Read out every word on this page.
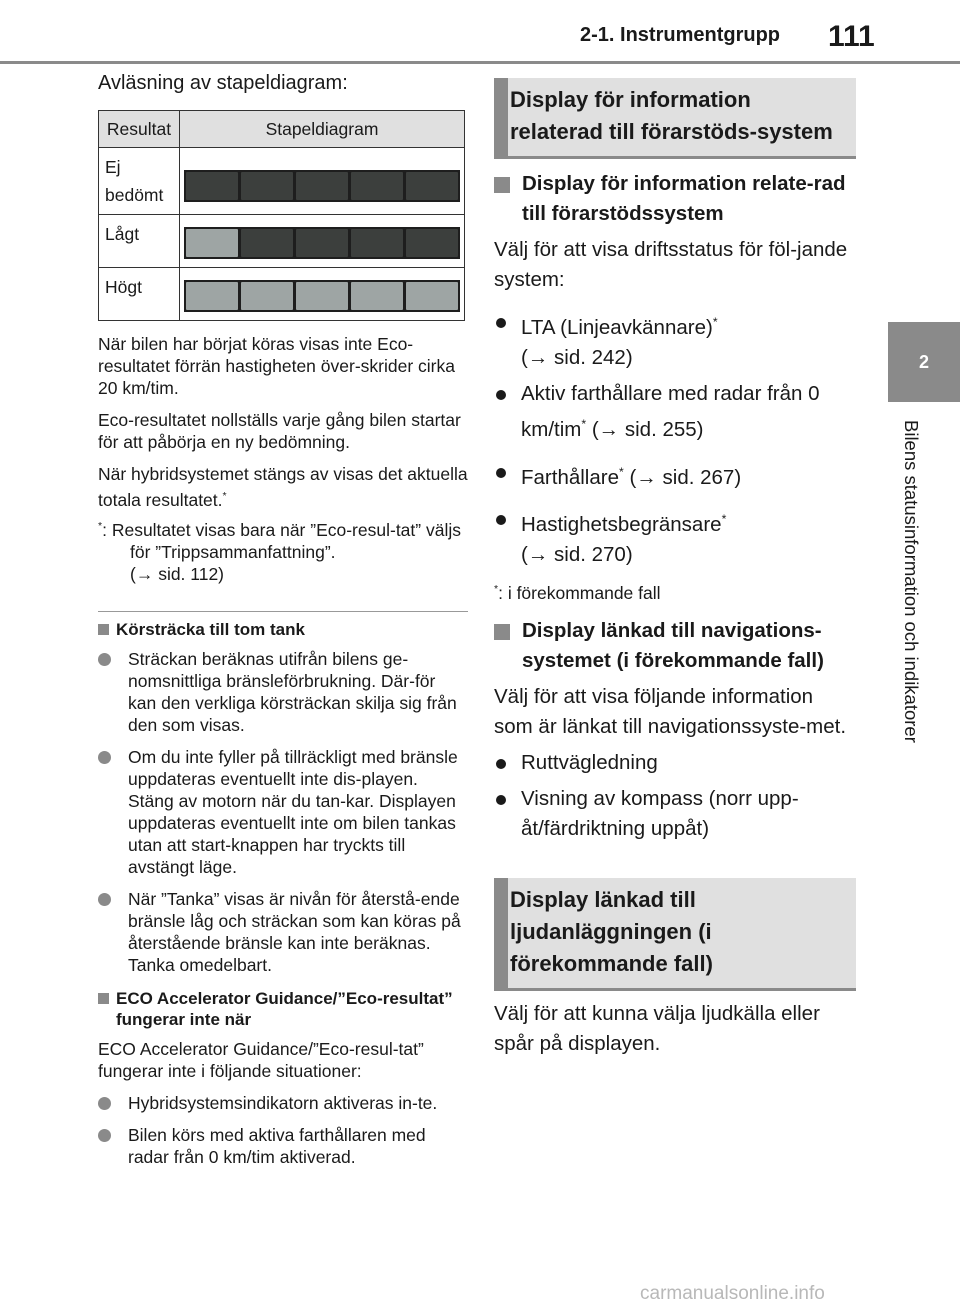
2-1. Instrumentgrupp 111
2
Bilens statusinformation och indikatorer

Avläsning av stapeldiagram:

Resultat	Stapeldiagram
Ej
bedömt	

Lågt	

Högt	

När bilen har börjat köras visas inte Eco-resultatet förrän hastigheten över-skrider cirka 20 km/tim.

Eco-resultatet nollställs varje gång bilen startar för att påbörja en ny bedömning.

När hybridsystemet stängs av visas det aktuella totala resultatet.*

*: Resultatet visas bara när ”Eco-resul-tat” väljs för ”Trippsammanfattning”.
(→ sid. 112)

Körsträcka till tom tank

Sträckan beräknas utifrån bilens ge-nomsnittliga bränsleförbrukning. Där-för kan den verkliga körsträckan skilja sig från den som visas.
Om du inte fyller på tillräckligt med bränsle uppdateras eventuellt inte dis-playen. Stäng av motorn när du tan-kar. Displayen uppdateras eventuellt inte om bilen tankas utan att start-knappen har tryckts till avstängt läge.
När ”Tanka” visas är nivån för återstå-ende bränsle låg och sträckan som kan köras på återstående bränsle kan inte beräknas.
Tanka omedelbart.

ECO Accelerator Guidance/”Eco-resultat” fungerar inte när

ECO Accelerator Guidance/”Eco-resul-tat” fungerar inte i följande situationer:

Hybridsystemsindikatorn aktiveras in-te.
Bilen körs med aktiva farthållaren med radar från 0 km/tim aktiverad.
Display för information relaterad till förarstöds-system
Display för information relate-rad till förarstödssystem

Välj för att visa driftsstatus för föl-jande system:

LTA (Linjeavkännare)*
(→ sid. 242)
Aktiv farthållare med radar från 0 km/tim* (→ sid. 255)
Farthållare* (→ sid. 267)
Hastighetsbegränsare*
(→ sid. 270)

*: i förekommande fall

Display länkad till navigations-systemet (i förekommande fall)

Välj för att visa följande information som är länkat till navigationssyste-met.

Ruttvägledning
Visning av kompass (norr upp-åt/färdriktning uppåt)
Display länkad till ljudanläggningen (i förekommande fall)

Välj för att kunna välja ljudkälla eller spår på displayen.

carmanualsonline.info
